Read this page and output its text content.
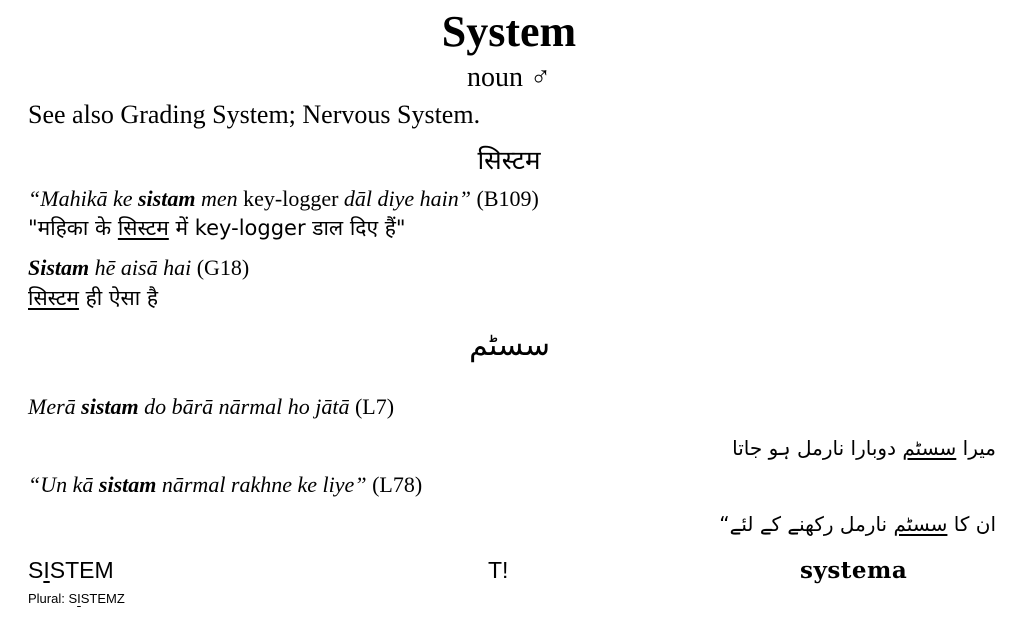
System
noun ♂
See also Grading System; Nervous System.
सिस्टम
“Mahikā ke sistam men key-logger dāl diye hain” (B109)
"महिका के सिस्टम में key-logger डाल दिए हैं"
Sistam hē aisā hai (G18)
सिस्टम ही ऐसा है
سسٹم
Merā sistam do bārā nārmal ho jātā (L7)
میرا سسٹم دوبارا نارمل ہو جاتا
“Un kā sistam nārmal rakhne ke liye” (L78)
ان کا سسٹم نارمل رکھنے کے لئے“
SISTEM
Plural: SISTEMZ
T!	systema
